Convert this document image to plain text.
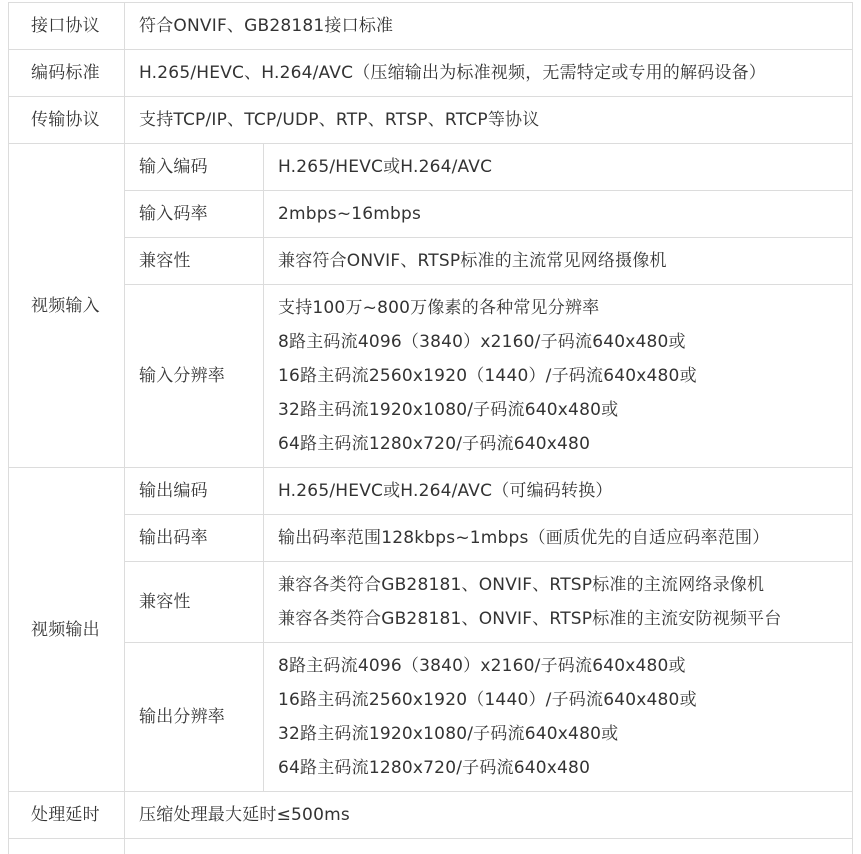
接口协议	符合ONVIF、GB28181接口标准	
编码标准	H.265/HEVC、H.264/AVC（压缩输出为标准视频，无需特定或专用的解码设备）	
传输协议	支持TCP/IP、TCP/UDP、RTP、RTSP、RTCP等协议	
视频输入	输入编码	H.265/HEVC或H.264/AVC
	输入码率	2mbps~16mbps
	兼容性	兼容符合ONVIF、RTSP标准的主流常见网络摄像机
	输入分辨率	支持100万~800万像素的各种常见分辨率
8路主码流4096（3840）x2160/子码流640x480或
16路主码流2560x1920（1440）/子码流640x480或
32路主码流1920x1080/子码流640x480或
64路主码流1280x720/子码流640x480

视频输出	输出编码	H.265/HEVC或H.264/AVC（可编码转换）
	输出码率	输出码率范围128kbps~1mbps（画质优先的自适应码率范围）
	兼容性	兼容各类符合GB28181、ONVIF、RTSP标准的主流网络录像机
兼容各类符合GB28181、ONVIF、RTSP标准的主流安防视频平台

	输出分辨率	8路主码流4096（3840）x2160/子码流640x480或
16路主码流2560x1920（1440）/子码流640x480或
32路主码流1920x1080/子码流640x480或
64路主码流1280x720/子码流640x480

处理延时	压缩处理最大延时≤500ms	
